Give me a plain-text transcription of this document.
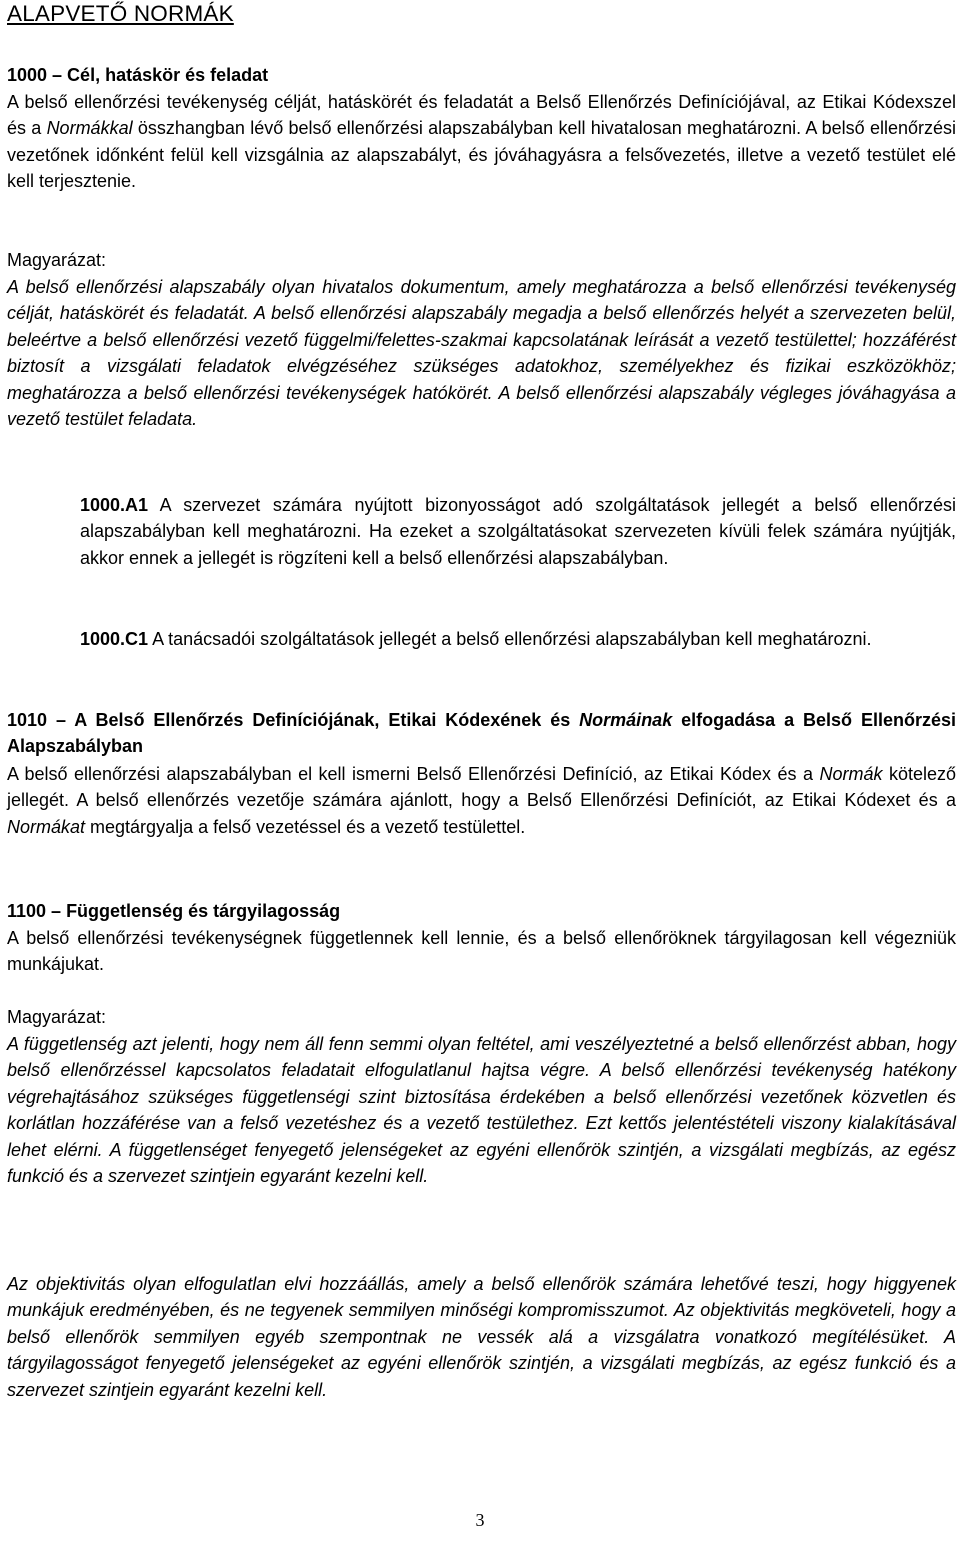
ALAPVETŐ NORMÁK

1000 – Cél, hatáskör és feladat

A belső ellenőrzési tevékenység célját, hatáskörét és feladatát a Belső Ellenőrzés Definíciójával, az Etikai Kódexszel és a Normákkal összhangban lévő belső ellenőrzési alapszabályban kell hivatalosan meghatározni. A belső ellenőrzési vezetőnek időnként felül kell vizsgálnia az alapszabályt, és jóváhagyásra a felsővezetés, illetve a vezető testület elé kell terjesztenie.

Magyarázat:

A belső ellenőrzési alapszabály olyan hivatalos dokumentum, amely meghatározza a belső ellenőrzési tevékenység célját, hatáskörét és feladatát. A belső ellenőrzési alapszabály megadja a belső ellenőrzés helyét a szervezeten belül, beleértve a belső ellenőrzési vezető függelmi/felettes-szakmai kapcsolatának leírását a vezető testülettel; hozzáférést biztosít a vizsgálati feladatok elvégzéséhez szükséges adatokhoz, személyekhez és fizikai eszközökhöz; meghatározza a belső ellenőrzési tevékenységek hatókörét. A belső ellenőrzési alapszabály végleges jóváhagyása a vezető testület feladata.

1000.A1 A szervezet számára nyújtott bizonyosságot adó szolgáltatások jellegét a belső ellenőrzési alapszabályban kell meghatározni. Ha ezeket a szolgáltatásokat szervezeten kívüli felek számára nyújtják, akkor ennek a jellegét is rögzíteni kell a belső ellenőrzési alapszabályban.

1000.C1 A tanácsadói szolgáltatások jellegét a belső ellenőrzési alapszabályban kell meghatározni.

1010 – A Belső Ellenőrzés Definíciójának, Etikai Kódexének és Normáinak elfogadása a Belső Ellenőrzési Alapszabályban

A belső ellenőrzési alapszabályban el kell ismerni Belső Ellenőrzési Definíció, az Etikai Kódex és a Normák kötelező jellegét. A belső ellenőrzés vezetője számára ajánlott, hogy a Belső Ellenőrzési Definíciót, az Etikai Kódexet és a Normákat megtárgyalja a felső vezetéssel és a vezető testülettel.

1100 – Függetlenség és tárgyilagosság

A belső ellenőrzési tevékenységnek függetlennek kell lennie, és a belső ellenőröknek tárgyilagosan kell végezniük munkájukat.

Magyarázat:

A függetlenség azt jelenti, hogy nem áll fenn semmi olyan feltétel, ami veszélyeztetné a belső ellenőrzést abban, hogy belső ellenőrzéssel kapcsolatos feladatait elfogulatlanul hajtsa végre. A belső ellenőrzési tevékenység hatékony végrehajtásához szükséges függetlenségi szint biztosítása érdekében a belső ellenőrzési vezetőnek közvetlen és korlátlan hozzáférése van a felső vezetéshez és a vezető testülethez. Ezt kettős jelentéstételi viszony kialakításával lehet elérni. A függetlenséget fenyegető jelenségeket az egyéni ellenőrök szintjén, a vizsgálati megbízás, az egész funkció és a szervezet szintjein egyaránt kezelni kell.

Az objektivitás olyan elfogulatlan elvi hozzáállás, amely a belső ellenőrök számára lehetővé teszi, hogy higgyenek munkájuk eredményében, és ne tegyenek semmilyen minőségi kompromisszumot. Az objektivitás megköveteli, hogy a belső ellenőrök semmilyen egyéb szempontnak ne vessék alá a vizsgálatra vonatkozó megítélésüket. A tárgyilagosságot fenyegető jelenségeket az egyéni ellenőrök szintjén, a vizsgálati megbízás, az egész funkció és a szervezet szintjein egyaránt kezelni kell.

3
